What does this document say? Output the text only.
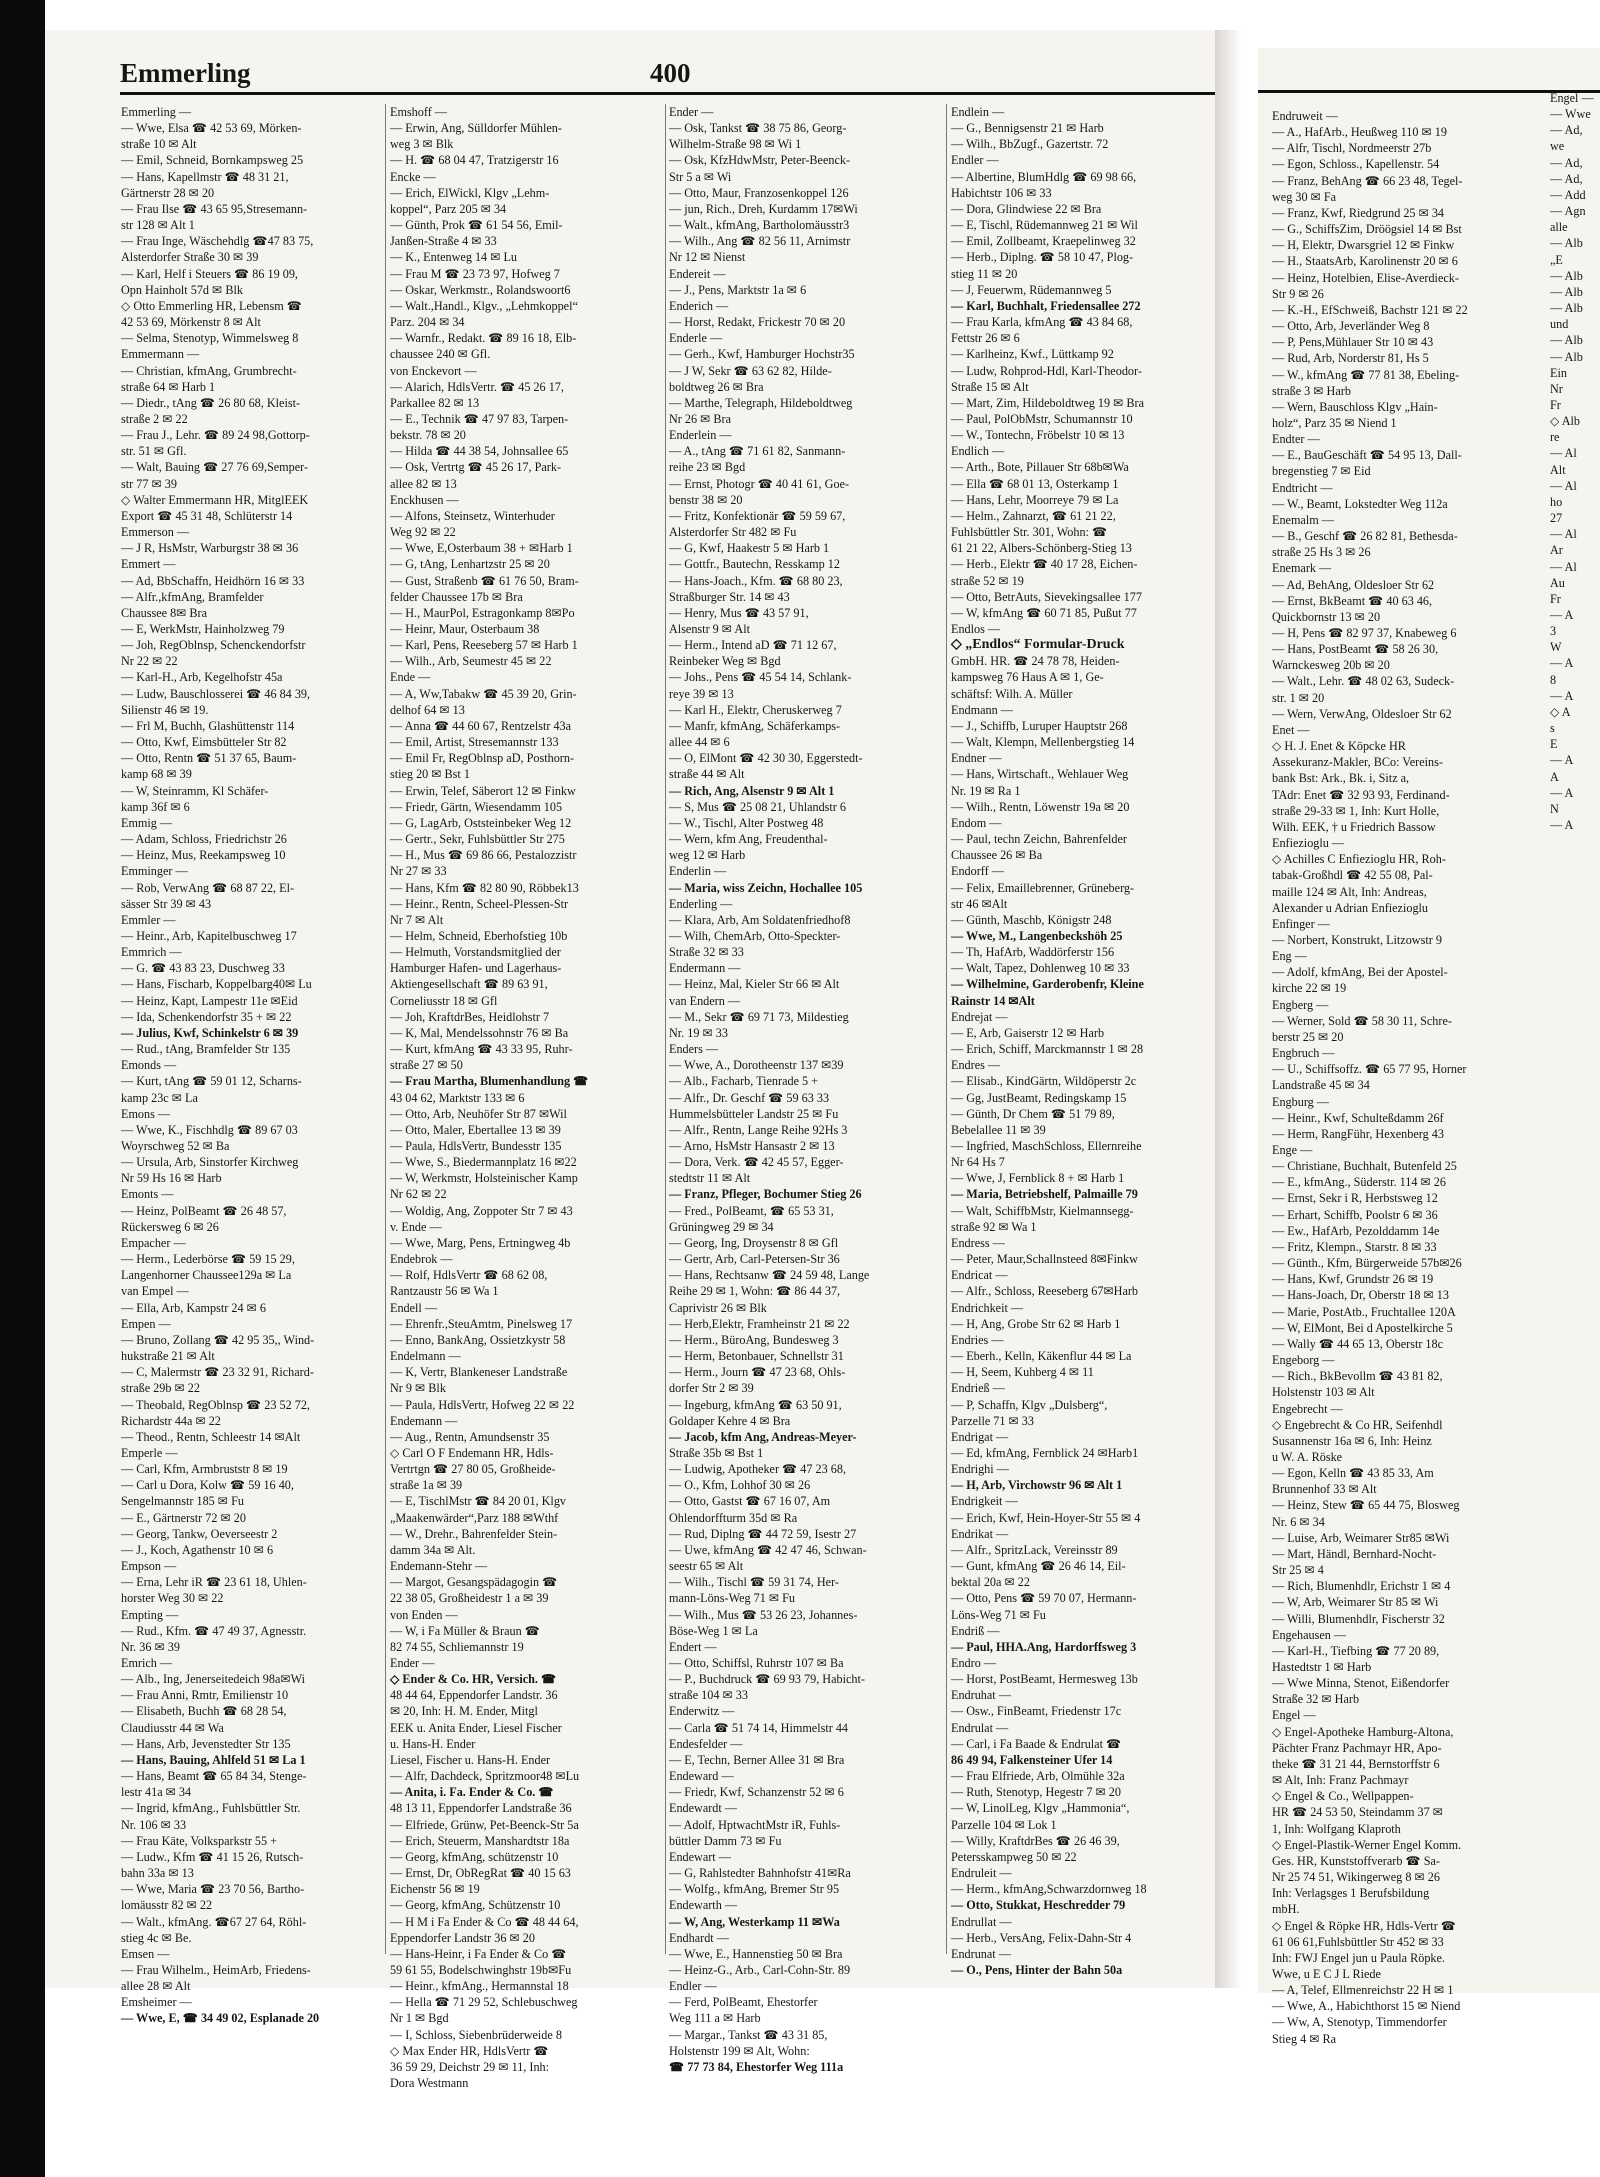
Emmerling	400
Emmerling —
— Wwe, Elsa ☎ 42 53 69, Mörken-
straße 10 ✉ Alt
— Emil, Schneid, Bornkampsweg 25
— Hans, Kapellmstr ☎ 48 31 21,
Gärtnerstr 28 ✉ 20
— Frau Ilse ☎ 43 65 95,Stresemann-
str 128 ✉ Alt 1
— Frau Inge, Wäschehdlg ☎47 83 75,
Alsterdorfer Straße 30 ✉ 39
— Karl, Helf i Steuers ☎ 86 19 09,
Opn Hainholt 57d ✉ Blk
◇ Otto Emmerling HR, Lebensm ☎
42 53 69, Mörkenstr 8 ✉ Alt
— Selma, Stenotyp, Wimmelsweg 8
Emmermann —
— Christian, kfmAng, Grumbrecht-
straße 64 ✉ Harb 1
— Diedr., tAng ☎ 26 80 68, Kleist-
straße 2 ✉ 22
— Frau J., Lehr. ☎ 89 24 98,Gottorp-
str. 51 ✉ Gfl.
— Walt, Bauing ☎ 27 76 69,Semper-
str 77 ✉ 39
◇ Walter Emmermann HR, MitglEEK
Export ☎ 45 31 48, Schlüterstr 14
Emmerson —
— J R, HsMstr, Warburgstr 38 ✉ 36
Emmert —
— Ad, BbSchaffn, Heidhörn 16 ✉ 33
— Alfr.,kfmAng, Bramfelder
Chaussee 8✉ Bra
— E, WerkMstr, Hainholzweg 79
— Joh, RegOblnsp, Schenckendorfstr
Nr 22 ✉ 22
— Karl-H., Arb, Kegelhofstr 45a
— Ludw, Bauschlosserei ☎ 46 84 39,
Silienstr 46 ✉ 19.
— Frl M, Buchh, Glashüttenstr 114
— Otto, Kwf, Eimsbütteler Str 82
— Otto, Rentn ☎ 51 37 65, Baum-
kamp 68 ✉ 39
— W, Steinramm, Kl Schäfer-
kamp 36f ✉ 6
Emmig —
— Adam, Schloss, Friedrichstr 26
— Heinz, Mus, Reekampsweg 10
Emminger —
— Rob, VerwAng ☎ 68 87 22, El-
sässer Str 39 ✉ 43
Emmler —
— Heinr., Arb, Kapitelbuschweg 17
Emmrich —
— G. ☎ 43 83 23, Duschweg 33
— Hans, Fischarb, Koppelbarg40✉ Lu
— Heinz, Kapt, Lampestr 11e ✉Eid
— Ida, Schenkendorfstr 35 + ✉ 22
— Julius, Kwf, Schinkelstr 6 ✉ 39
— Rud., tAng, Bramfelder Str 135
Emonds —
— Kurt, tAng ☎ 59 01 12, Scharns-
kamp 23c ✉ La
Emons —
— Wwe, K., Fischhdlg ☎ 89 67 03
Woyrschweg 52 ✉ Ba
— Ursula, Arb, Sinstorfer Kirchweg
Nr 59 Hs 16 ✉ Harb
Emonts —
— Heinz, PolBeamt ☎ 26 48 57,
Rückersweg 6 ✉ 26
Empacher —
— Herm., Lederbörse ☎ 59 15 29,
Langenhorner Chaussee129a ✉ La
van Empel —
— Ella, Arb, Kampstr 24 ✉ 6
Empen —
— Bruno, Zollang ☎ 42 95 35,, Wind-
hukstraße 21 ✉ Alt
— C, Malermstr ☎ 23 32 91, Richard-
straße 29b ✉ 22
— Theobald, RegOblnsp ☎ 23 52 72,
Richardstr 44a ✉ 22
— Theod., Rentn, Schleestr 14 ✉Alt
Emperle —
— Carl, Kfm, Armbruststr 8 ✉ 19
— Carl u Dora, Kolw ☎ 59 16 40,
Sengelmannstr 185 ✉ Fu
— E., Gärtnerstr 72 ✉ 20
— Georg, Tankw, Oeverseestr 2
— J., Koch, Agathenstr 10 ✉ 6
Empson —
— Erna, Lehr iR ☎ 23 61 18, Uhlen-
horster Weg 30 ✉ 22
Empting —
— Rud., Kfm. ☎ 47 49 37, Agnesstr.
Nr. 36 ✉ 39
Emrich —
— Alb., Ing, Jenerseitedeich 98a✉Wi
— Frau Anni, Rmtr, Emilienstr 10
— Elisabeth, Buchh ☎ 68 28 54,
Claudiusstr 44 ✉ Wa
— Hans, Arb, Jevenstedter Str 135
— Hans, Bauing, Ahlfeld 51 ✉ La 1
— Hans, Beamt ☎ 65 84 34, Stenge-
lestr 41a ✉ 34
— Ingrid, kfmAng., Fuhlsbüttler Str.
Nr. 106 ✉ 33
— Frau Käte, Volksparkstr 55 +
— Ludw., Kfm ☎ 41 15 26, Rutsch-
bahn 33a ✉ 13
— Wwe, Maria ☎ 23 70 56, Bartho-
lomäusstr 82 ✉ 22
— Walt., kfmAng. ☎67 27 64, Röhl-
stieg 4c ✉ Be.
Emsen —
— Frau Wilhelm., HeimArb, Friedens-
allee 28 ✉ Alt
Emsheimer —
— Wwe, E, ☎ 34 49 02, Esplanade 20
Emshoff —
— Erwin, Ang, Sülldorfer Mühlen-
weg 3 ✉ Blk
— H. ☎ 68 04 47, Tratzigerstr 16
Encke —
— Erich, ElWickl, Klgv „Lehm-
koppel“, Parz 205 ✉ 34
— Günth, Prok ☎ 61 54 56, Emil-
Janßen-Straße 4 ✉ 33
— K., Entenweg 14 ✉ Lu
— Frau M ☎ 23 73 97, Hofweg 7
— Oskar, Werkmstr., Rolandswoort6
— Walt.,Handl., Klgv., „Lehmkoppel“
Parz. 204 ✉ 34
— Warnfr., Redakt. ☎ 89 16 18, Elb-
chaussee 240 ✉ Gfl.
von Enckevort —
— Alarich, HdlsVertr. ☎ 45 26 17,
Parkallee 82 ✉ 13
— E., Technik ☎ 47 97 83, Tarpen-
bekstr. 78 ✉ 20
— Hilda ☎ 44 38 54, Johnsallee 65
— Osk, Vertrtg ☎ 45 26 17, Park-
allee 82 ✉ 13
Enckhusen —
— Alfons, Steinsetz, Winterhuder
Weg 92 ✉ 22
— Wwe, E,Osterbaum 38 + ✉Harb 1
— G, tAng, Lenhartzstr 25 ✉ 20
— Gust, Straßenb ☎ 61 76 50, Bram-
felder Chaussee 17b ✉ Bra
— H., MaurPol, Estragonkamp 8✉Po
— Heinr, Maur, Osterbaum 38
— Karl, Pens, Reeseberg 57 ✉ Harb 1
— Wilh., Arb, Seumestr 45 ✉ 22
Ende —
— A, Ww,Tabakw ☎ 45 39 20, Grin-
delhof 64 ✉ 13
— Anna ☎ 44 60 67, Rentzelstr 43a
— Emil, Artist, Stresemannstr 133
— Emil Fr, RegOblnsp aD, Posthorn-
stieg 20 ✉ Bst 1
— Erwin, Telef, Säberort 12 ✉ Finkw
— Friedr, Gärtn, Wiesendamm 105
— G, LagArb, Oststeinbeker Weg 12
— Gertr., Sekr, Fuhlsbüttler Str 275
— H., Mus ☎ 69 86 66, Pestalozzistr
Nr 27 ✉ 33
— Hans, Kfm ☎ 82 80 90, Röbbek13
— Heinr., Rentn, Scheel-Plessen-Str
Nr 7 ✉ Alt
— Helm, Schneid, Eberhofstieg 10b
— Helmuth, Vorstandsmitglied der
Hamburger Hafen- und Lagerhaus-
Aktiengesellschaft ☎ 89 63 91,
Corneliusstr 18 ✉ Gfl
— Joh, KraftdrBes, Heidlohstr 7
— K, Mal, Mendelssohnstr 76 ✉ Ba
— Kurt, kfmAng ☎ 43 33 95, Ruhr-
straße 27 ✉ 50
— Frau Martha, Blumenhandlung ☎
43 04 62, Marktstr 133 ✉ 6
— Otto, Arb, Neuhöfer Str 87 ✉Wil
— Otto, Maler, Ebertallee 13 ✉ 39
— Paula, HdlsVertr, Bundesstr 135
— Wwe, S., Biedermannplatz 16 ✉22
— W, Werkmstr, Holsteinischer Kamp
Nr 62 ✉ 22
— Woldig, Ang, Zoppoter Str 7 ✉ 43
v. Ende —
— Wwe, Marg, Pens, Ertningweg 4b
Endebrok —
— Rolf, HdlsVertr ☎ 68 62 08,
Rantzaustr 56 ✉ Wa 1
Endell —
— Ehrenfr.,SteuAmtm, Pinelsweg 17
— Enno, BankAng, Ossietzkystr 58
Endelmann —
— K, Vertr, Blankeneser Landstraße
Nr 9 ✉ Blk
— Paula, HdlsVertr, Hofweg 22 ✉ 22
Endemann —
— Aug., Rentn, Amundsenstr 35
◇ Carl O F Endemann HR, Hdls-
Vertrtgn ☎ 27 80 05, Großheide-
straße 1a ✉ 39
— E, TischlMstr ☎ 84 20 01, Klgv
„Maakenwärder“,Parz 188 ✉Wthf
— W., Drehr., Bahrenfelder Stein-
damm 34a ✉ Alt.
Endemann-Stehr —
— Margot, Gesangspädagogin ☎
22 38 05, Großheidestr 1 a ✉ 39
von Enden —
— W, i Fa Müller & Braun ☎
82 74 55, Schliemannstr 19
Ender —
◇ Ender & Co. HR, Versich. ☎
48 44 64, Eppendorfer Landstr. 36
✉ 20, Inh: H. M. Ender, Mitgl
EEK u. Anita Ender, Liesel Fischer
u. Hans-H. Ender
Liesel, Fischer u. Hans-H. Ender
— Alfr, Dachdeck, Spritzmoor48 ✉Lu
— Anita, i. Fa. Ender & Co. ☎
48 13 11, Eppendorfer Landstraße 36
— Elfriede, Grünw, Pet-Beenck-Str 5a
— Erich, Steuerm, Manshardtstr 18a
— Georg, kfmAng, schützenstr 10
— Ernst, Dr, ObRegRat ☎ 40 15 63
Eichenstr 56 ✉ 19
— Georg, kfmAng, Schützenstr 10
— H M i Fa Ender & Co ☎ 48 44 64,
Eppendorfer Landstr 36 ✉ 20
— Hans-Heinr, i Fa Ender & Co ☎
59 61 55, Bodelschwinghstr 19b✉Fu
— Heinr., kfmAng., Hermannstal 18
— Hella ☎ 71 29 52, Schlebuschweg
Nr 1 ✉ Bgd
— I, Schloss, Siebenbrüderweide 8
◇ Max Ender HR, HdlsVertr ☎
36 59 29, Deichstr 29 ✉ 11, Inh:
Dora Westmann
Ender —
— Osk, Tankst ☎ 38 75 86, Georg-
Wilhelm-Straße 98 ✉ Wi 1
— Osk, KfzHdwMstr, Peter-Beenck-
Str 5 a ✉ Wi
— Otto, Maur, Franzosenkoppel 126
— jun, Rich., Dreh, Kurdamm 17✉Wi
— Walt., kfmAng, Bartholomäusstr3
— Wilh., Ang ☎ 82 56 11, Arnimstr
Nr 12 ✉ Nienst
Endereit —
— J., Pens, Marktstr 1a ✉ 6
Enderich —
— Horst, Redakt, Frickestr 70 ✉ 20
Enderle —
— Gerh., Kwf, Hamburger Hochstr35
— J W, Sekr ☎ 63 62 82, Hilde-
boldtweg 26 ✉ Bra
— Marthe, Telegraph, Hildeboldtweg
Nr 26 ✉ Bra
Enderlein —
— A., tAng ☎ 71 61 82, Sanmann-
reihe 23 ✉ Bgd
— Ernst, Photogr ☎ 40 41 61, Goe-
benstr 38 ✉ 20
— Fritz, Konfektionär ☎ 59 59 67,
Alsterdorfer Str 482 ✉ Fu
— G, Kwf, Haakestr 5 ✉ Harb 1
— Gottfr., Bautechn, Resskamp 12
— Hans-Joach., Kfm. ☎ 68 80 23,
Straßburger Str. 14 ✉ 43
— Henry, Mus ☎ 43 57 91,
Alsenstr 9 ✉ Alt
— Herm., Intend aD ☎ 71 12 67,
Reinbeker Weg ✉ Bgd
— Johs., Pens ☎ 45 54 14, Schlank-
reye 39 ✉ 13
— Karl H., Elektr, Cheruskerweg 7
— Manfr, kfmAng, Schäferkamps-
allee 44 ✉ 6
— O, ElMont ☎ 42 30 30, Eggerstedt-
straße 44 ✉ Alt
— Rich, Ang, Alsenstr 9 ✉ Alt 1
— S, Mus ☎ 25 08 21, Uhlandstr 6
— W., Tischl, Alter Postweg 48
— Wern, kfm Ang, Freudenthal-
weg 12 ✉ Harb
Enderlin —
— Maria, wiss Zeichn, Hochallee 105
Enderling —
— Klara, Arb, Am Soldatenfriedhof8
— Wilh, ChemArb, Otto-Speckter-
Straße 32 ✉ 33
Endermann —
— Heinz, Mal, Kieler Str 66 ✉ Alt
van Endern —
— M., Sekr ☎ 69 71 73, Mildestieg
Nr. 19 ✉ 33
Enders —
— Wwe, A., Dorotheenstr 137 ✉39
— Alb., Facharb, Tienrade 5 +
— Alfr., Dr. Geschf ☎ 59 63 33
Hummelsbütteler Landstr 25 ✉ Fu
— Alfr., Rentn, Lange Reihe 92Hs 3
— Arno, HsMstr Hansastr 2 ✉ 13
— Dora, Verk. ☎ 42 45 57, Egger-
stedtstr 11 ✉ Alt
— Franz, Pfleger, Bochumer Stieg 26
— Fred., PolBeamt, ☎ 65 53 31,
Grüningweg 29 ✉ 34
— Georg, Ing, Droysenstr 8 ✉ Gfl
— Gertr, Arb, Carl-Petersen-Str 36
— Hans, Rechtsanw ☎ 24 59 48, Lange
Reihe 29 ✉ 1, Wohn: ☎ 86 44 37,
Caprivistr 26 ✉ Blk
— Herb,Elektr, Framheinstr 21 ✉ 22
— Herm., BüroAng, Bundesweg 3
— Herm, Betonbauer, Schnellstr 31
— Herm., Journ ☎ 47 23 68, Ohls-
dorfer Str 2 ✉ 39
— Ingeburg, kfmAng ☎ 63 50 91,
Goldaper Kehre 4 ✉ Bra
— Jacob, kfm Ang, Andreas-Meyer-
Straße 35b ✉ Bst 1
— Ludwig, Apotheker ☎ 47 23 68,
— O., Kfm, Lohhof 30 ✉ 26
— Otto, Gastst ☎ 67 16 07, Am
Ohlendorffturm 35d ✉ Ra
— Rud, Diplng ☎ 44 72 59, Isestr 27
— Uwe, kfmAng ☎ 42 47 46, Schwan-
seestr 65 ✉ Alt
— Wilh., Tischl ☎ 59 31 74, Her-
mann-Löns-Weg 71 ✉ Fu
— Wilh., Mus ☎ 53 26 23, Johannes-
Böse-Weg 1 ✉ La
Endert —
— Otto, Schiffsl, Ruhrstr 107 ✉ Ba
— P., Buchdruck ☎ 69 93 79, Habicht-
straße 104 ✉ 33
Enderwitz —
— Carla ☎ 51 74 14, Himmelstr 44
Endesfelder —
— E, Techn, Berner Allee 31 ✉ Bra
Endeward —
— Friedr, Kwf, Schanzenstr 52 ✉ 6
Endewardt —
— Adolf, HptwachtMstr iR, Fuhls-
büttler Damm 73 ✉ Fu
Endewart —
— G, Rahlstedter Bahnhofstr 41✉Ra
— Wolfg., kfmAng, Bremer Str 95
Endewarth —
— W, Ang, Westerkamp 11 ✉Wa
Endhardt —
— Wwe, E., Hannenstieg 50 ✉ Bra
— Heinz-G., Arb., Carl-Cohn-Str. 89
Endler —
— Ferd, PolBeamt, Ehestorfer
Weg 111 a ✉ Harb
— Margar., Tankst ☎ 43 31 85,
Holstenstr 199 ✉ Alt, Wohn:
☎ 77 73 84, Ehestorfer Weg 111a
Endlein —
— G., Bennigsenstr 21 ✉ Harb
— Wilh., BbZugf., Gazertstr. 72
Endler —
— Albertine, BlumHdlg ☎ 69 98 66,
Habichtstr 106 ✉ 33
— Dora, Glindwiese 22 ✉ Bra
— E, Tischl, Rüdemannweg 21 ✉ Wil
— Emil, Zollbeamt, Kraepelinweg 32
— Herb., Diplng. ☎ 58 10 47, Plog-
stieg 11 ✉ 20
— J, Feuerwm, Rüdemannweg 5
— Karl, Buchhalt, Friedensallee 272
— Frau Karla, kfmAng ☎ 43 84 68,
Fettstr 26 ✉ 6
— Karlheinz, Kwf., Lüttkamp 92
— Ludw, Rohprod-Hdl, Karl-Theodor-
Straße 15 ✉ Alt
— Mart, Zim, Hildeboldtweg 19 ✉ Bra
— Paul, PolObMstr, Schumannstr 10
— W., Tontechn, Fröbelstr 10 ✉ 13
Endlich —
— Arth., Bote, Pillauer Str 68b✉Wa
— Ella ☎ 68 01 13, Osterkamp 1
— Hans, Lehr, Moorreye 79 ✉ La
— Helm., Zahnarzt, ☎ 61 21 22,
Fuhlsbüttler Str. 301, Wohn: ☎
61 21 22, Albers-Schönberg-Stieg 13
— Herb., Elektr ☎ 40 17 28, Eichen-
straße 52 ✉ 19
— Otto, BetrAuts, Sievekingsallee 177
— W, kfmAng ☎ 60 71 85, Pußut 77
Endlos —
◇ „Endlos“ Formular-Druck
GmbH. HR. ☎ 24 78 78, Heiden-
kampsweg 76 Haus A ✉ 1, Ge-
schäftsf: Wilh. A. Müller
Endmann —
— J., Schiffb, Luruper Hauptstr 268
— Walt, Klempn, Mellenbergstieg 14
Endner —
— Hans, Wirtschaft., Wehlauer Weg
Nr. 19 ✉ Ra 1
— Wilh., Rentn, Löwenstr 19a ✉ 20
Endom —
— Paul, techn Zeichn, Bahrenfelder
Chaussee 26 ✉ Ba
Endorff —
— Felix, Emaillebrenner, Grüneberg-
str 46 ✉Alt
— Günth, Maschb, Königstr 248
— Wwe, M., Langenbeckshöh 25
— Th, HafArb, Waddörferstr 156
— Walt, Tapez, Dohlenweg 10 ✉ 33
— Wilhelmine, Garderobenfr, Kleine
Rainstr 14 ✉Alt
Endrejat —
— E, Arb, Gaiserstr 12 ✉ Harb
— Erich, Schiff, Marckmannstr 1 ✉ 28
Endres —
— Elisab., KindGärtn, Wildöperstr 2c
— Gg, JustBeamt, Redingskamp 15
— Günth, Dr Chem ☎ 51 79 89,
Bebelallee 11 ✉ 39
— Ingfried, MaschSchloss, Ellernreihe
Nr 64 Hs 7
— Wwe, J, Fernblick 8 + ✉ Harb 1
— Maria, Betriebshelf, Palmaille 79
— Walt, SchiffbMstr, Kielmannsegg-
straße 92 ✉ Wa 1
Endress —
— Peter, Maur,Schallnsteed 8✉Finkw
Endricat —
— Alfr., Schloss, Reeseberg 67✉Harb
Endrichkeit —
— H, Ang, Grobe Str 62 ✉ Harb 1
Endries —
— Eberh., Kelln, Käkenflur 44 ✉ La
— H, Seem, Kuhberg 4 ✉ 11
Endrieß —
— P, Schaffn, Klgv „Dulsberg“,
Parzelle 71 ✉ 33
Endrigat —
— Ed, kfmAng, Fernblick 24 ✉Harb1
Endrighi —
— H, Arb, Virchowstr 96 ✉ Alt 1
Endrigkeit —
— Erich, Kwf, Hein-Hoyer-Str 55 ✉ 4
Endrikat —
— Alfr., SpritzLack, Vereinsstr 89
— Gunt, kfmAng ☎ 26 46 14, Eil-
bektal 20a ✉ 22
— Otto, Pens ☎ 59 70 07, Hermann-
Löns-Weg 71 ✉ Fu
Endriß —
— Paul, HHA.Ang, Hardorffsweg 3
Endro —
— Horst, PostBeamt, Hermesweg 13b
Endruhat —
— Osw., FinBeamt, Friedenstr 17c
Endrulat —
— Carl, i Fa Baade & Endrulat ☎
86 49 94, Falkensteiner Ufer 14
— Frau Elfriede, Arb, Olmühle 32a
— Ruth, Stenotyp, Hegestr 7 ✉ 20
— W, LinolLeg, Klgv „Hammonia“,
Parzelle 104 ✉ Lok 1
— Willy, KraftdrBes ☎ 26 46 39,
Petersskampweg 50 ✉ 22
Endruleit —
— Herm., kfmAng,Schwarzdornweg 18
— Otto, Stukkat, Heschredder 79
Endrullat —
— Herb., VersAng, Felix-Dahn-Str 4
Endrunat —
— O., Pens, Hinter der Bahn 50a
Endruweit —
— A., HafArb., Heußweg 110 ✉ 19
— Alfr, Tischl, Nordmeerstr 27b
— Egon, Schloss., Kapellenstr. 54
— Franz, BehAng ☎ 66 23 48, Tegel-
weg 30 ✉ Fa
— Franz, Kwf, Riedgrund 25 ✉ 34
— G., SchiffsZim, Dröögsiel 14 ✉ Bst
— H, Elektr, Dwarsgriel 12 ✉ Finkw
— H., StaatsArb, Karolinenstr 20 ✉ 6
— Heinz, Hotelbien, Elise-Averdieck-
Str 9 ✉ 26
— K.-H., EfSchweiß, Bachstr 121 ✉ 22
— Otto, Arb, Jeverländer Weg 8
— P, Pens,Mühlauer Str 10 ✉ 43
— Rud, Arb, Norderstr 81, Hs 5
— W., kfmAng ☎ 77 81 38, Ebeling-
straße 3 ✉ Harb
— Wern, Bauschloss Klgv „Hain-
holz“, Parz 35 ✉ Niend 1
Endter —
— E., BauGeschäft ☎ 54 95 13, Dall-
bregenstieg 7 ✉ Eid
Endtricht —
— W., Beamt, Lokstedter Weg 112a
Enemalm —
— B., Geschf ☎ 26 82 81, Bethesda-
straße 25 Hs 3 ✉ 26
Enemark —
— Ad, BehAng, Oldesloer Str 62
— Ernst, BkBeamt ☎ 40 63 46,
Quickbornstr 13 ✉ 20
— H, Pens ☎ 82 97 37, Knabeweg 6
— Hans, PostBeamt ☎ 58 26 30,
Warnckesweg 20b ✉ 20
— Walt., Lehr. ☎ 48 02 63, Sudeck-
str. 1 ✉ 20
— Wern, VerwAng, Oldesloer Str 62
Enet —
◇ H. J. Enet & Köpcke HR
Assekuranz-Makler, BCo: Vereins-
bank Bst: Ark., Bk. i, Sitz a,
TAdr: Enet ☎ 32 93 93, Ferdinand-
straße 29-33 ✉ 1, Inh: Kurt Holle,
Wilh. EEK, † u Friedrich Bassow
Enfiezioglu —
◇ Achilles C Enfiezioglu HR, Roh-
tabak-Großhdl ☎ 42 55 08, Pal-
maille 124 ✉ Alt, Inh: Andreas,
Alexander u Adrian Enfiezioglu
Enfinger —
— Norbert, Konstrukt, Litzowstr 9
Eng —
— Adolf, kfmAng, Bei der Apostel-
kirche 22 ✉ 19
Engberg —
— Werner, Sold ☎ 58 30 11, Schre-
berstr 25 ✉ 20
Engbruch —
— U., Schiffsoffz. ☎ 65 77 95, Horner
Landstraße 45 ✉ 34
Engburg —
— Heinr., Kwf, Schulteßdamm 26f
— Herm, RangFühr, Hexenberg 43
Enge —
— Christiane, Buchhalt, Butenfeld 25
— E., kfmAng., Süderstr. 114 ✉ 26
— Ernst, Sekr i R, Herbstsweg 12
— Erhart, Schiffb, Poolstr 6 ✉ 36
— Ew., HafArb, Pezolddamm 14e
— Fritz, Klempn., Starstr. 8 ✉ 33
— Günth., Kfm, Bürgerweide 57b✉26
— Hans, Kwf, Grundstr 26 ✉ 19
— Hans-Joach, Dr, Oberstr 18 ✉ 13
— Marie, PostAtb., Fruchtallee 120A
— W, ElMont, Bei d Apostelkirche 5
— Wally ☎ 44 65 13, Oberstr 18c
Engeborg —
— Rich., BkBevollm ☎ 43 81 82,
Holstenstr 103 ✉ Alt
Engebrecht —
◇ Engebrecht & Co HR, Seifenhdl
Susannenstr 16a ✉ 6, Inh: Heinz
u W. A. Röske
— Egon, Kelln ☎ 43 85 33, Am
Brunnenhof 33 ✉ Alt
— Heinz, Stew ☎ 65 44 75, Blosweg
Nr. 6 ✉ 34
— Luise, Arb, Weimarer Str85 ✉Wi
— Mart, Händl, Bernhard-Nocht-
Str 25 ✉ 4
— Rich, Blumenhdlr, Erichstr 1 ✉ 4
— W, Arb, Weimarer Str 85 ✉ Wi
— Willi, Blumenhdlr, Fischerstr 32
Engehausen —
— Karl-H., Tiefbing ☎ 77 20 89,
Hastedtstr 1 ✉ Harb
— Wwe Minna, Stenot, Eißendorfer
Straße 32 ✉ Harb
Engel —
◇ Engel-Apotheke Hamburg-Altona,
Pächter Franz Pachmayr HR, Apo-
theke ☎ 31 21 44, Bernstorffstr 6
✉ Alt, Inh: Franz Pachmayr
◇ Engel & Co., Wellpappen-
HR ☎ 24 53 50, Steindamm 37 ✉
1, Inh: Wolfgang Klaproth
◇ Engel-Plastik-Werner Engel Komm.
Ges. HR, Kunststoffverarb ☎ Sa-
Nr 25 74 51, Wikingerweg 8 ✉ 26
Inh: Verlagsges 1 Berufsbildung
mbH.
◇ Engel & Röpke HR, Hdls-Vertr ☎
61 06 61,Fuhlsbüttler Str 452 ✉ 33
Inh: FWJ Engel jun u Paula Röpke.
Wwe, u E C J L Riede
— A, Telef, Ellmenreichstr 22 H ✉ 1
— Wwe, A., Habichthorst 15 ✉ Niend
— Ww, A, Stenotyp, Timmendorfer
Stieg 4 ✉ Ra
Engel —
— Wwe
— Ad,
we
— Ad,
— Ad,
— Add
— Agn
alle
— Alb
„E
— Alb
— Alb
— Alb
und
— Alb
— Alb
Ein
Nr
Fr
◇ Alb
re
— Al
Alt
— Al
ho
27
— Al
Ar
— Al
Au
Fr
— A
3
W
— A
8
— A
◇ A
s
E
— A
A
— A
N
— A
